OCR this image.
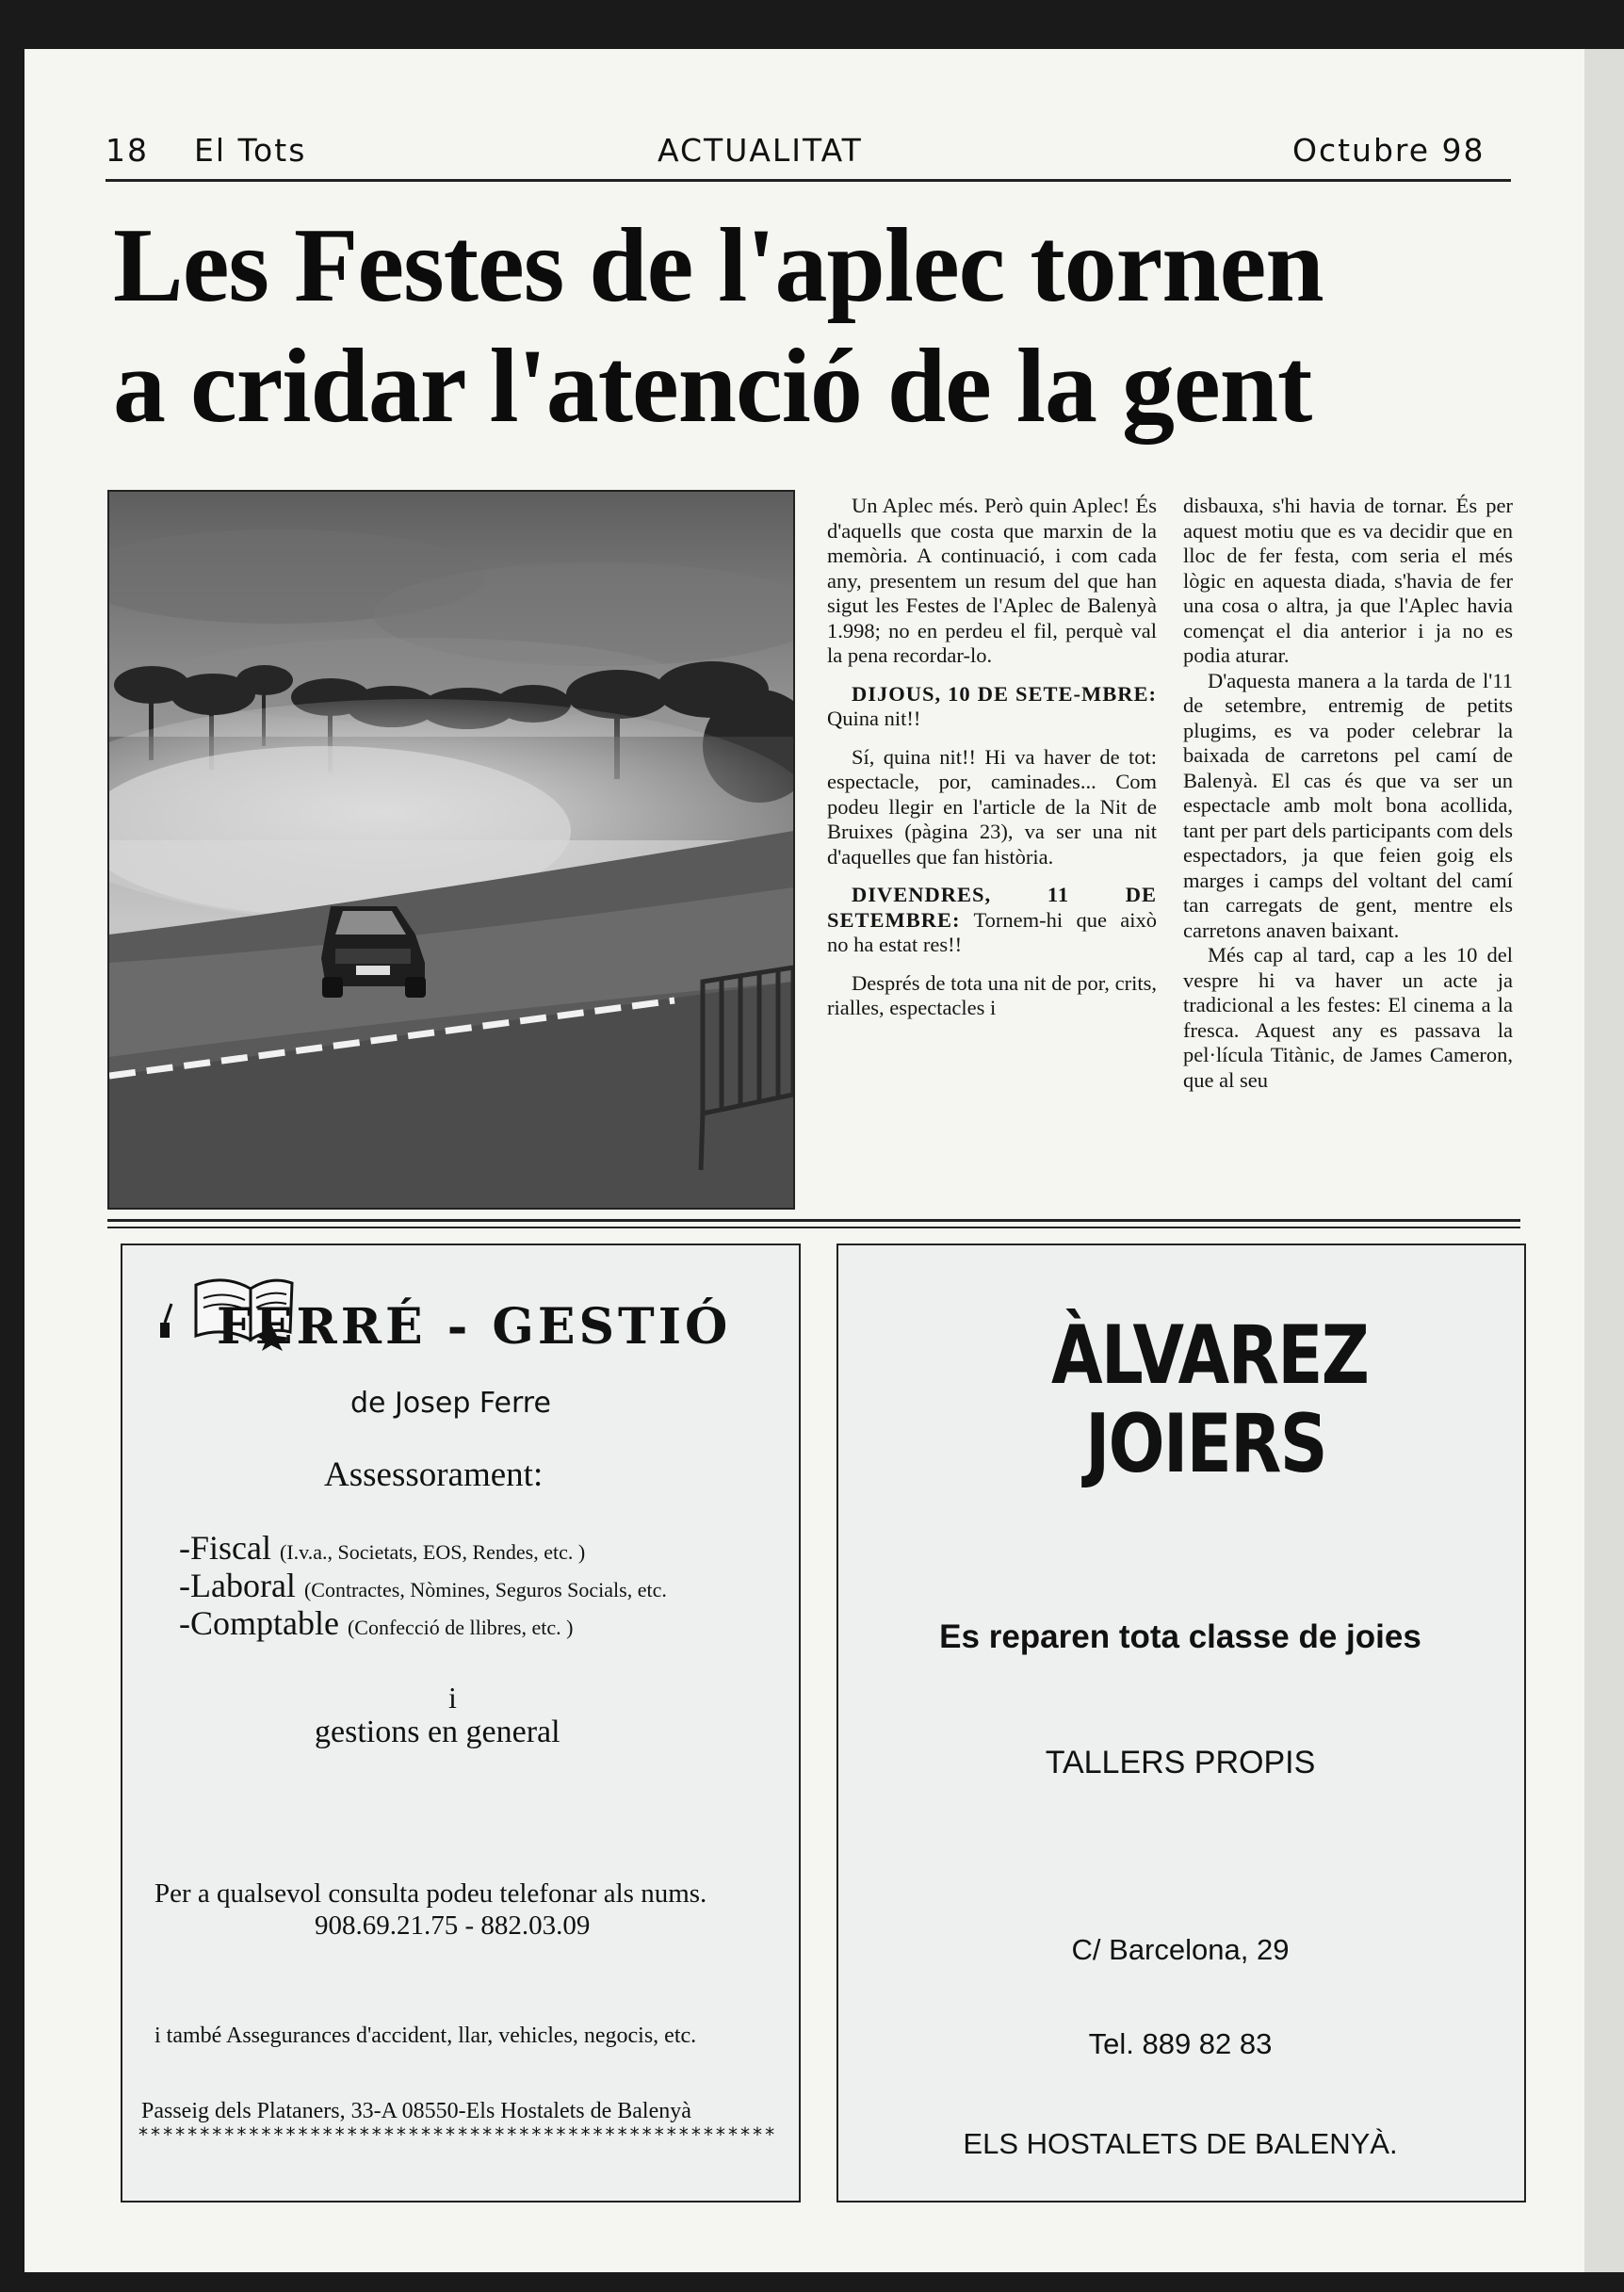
18 El Tots	ACTUALITAT	Octubre 98
Les Festes de l'aplec tornen
a cridar l'atenció de la gent

Un Aplec més. Però quin Aplec! És d'aquells que costa que marxin de la memòria. A continuació, i com cada any, presentem un resum del que han sigut les Festes de l'Aplec de Balenyà 1.998; no en perdeu el fil, perquè val la pena recordar-lo.

DIJOUS, 10 DE SETE-MBRE: Quina nit!!

Sí, quina nit!! Hi va haver de tot: espectacle, por, caminades... Com podeu llegir en l'article de la Nit de Bruixes (pàgina 23), va ser una nit d'aquelles que fan història.

DIVENDRES, 11 DE SETEMBRE: Tornem-hi que això no ha estat res!!

Després de tota una nit de por, crits, rialles, espectacles i

disbauxa, s'hi havia de tornar. És per aquest motiu que es va decidir que en lloc de fer festa, com seria el més lògic en aquesta diada, s'havia de fer una cosa o altra, ja que l'Aplec havia començat el dia anterior i ja no es podia aturar.

D'aquesta manera a la tarda de l'11 de setembre, entremig de petits plugims, es va poder celebrar la baixada de carretons pel camí de Balenyà. El cas és que va ser un espectacle amb molt bona acollida, tant per part dels participants com dels espectadors, ja que feien goig els marges i camps del voltant del camí tan carregats de gent, mentre els carretons anaven baixant.

Més cap al tard, cap a les 10 del vespre hi va haver un acte ja tradicional a les festes: El cinema a la fresca. Aquest any es passava la pel·lícula Titànic, de James Cameron, que al seu

FERRÉ - GESTIÓ
de Josep Ferre
Assessorament:
-Fiscal (I.v.a., Societats, EOS, Rendes, etc. )
-Laboral (Contractes, Nòmines, Seguros Socials, etc.
-Comptable (Confecció de llibres, etc. )
i
gestions en general
Per a qualsevol consulta podeu telefonar als nums.
908.69.21.75 - 882.03.09
i també Assegurances d'accident, llar, vehicles, negocis, etc.
Passeig dels Plataners, 33-A 08550-Els Hostalets de Balenyà
****************************************************
ÀLVAREZ
JOIERS
Es reparen tota classe de joies
TALLERS PROPIS
C/ Barcelona, 29
Tel. 889 82 83
ELS HOSTALETS DE BALENYÀ.
